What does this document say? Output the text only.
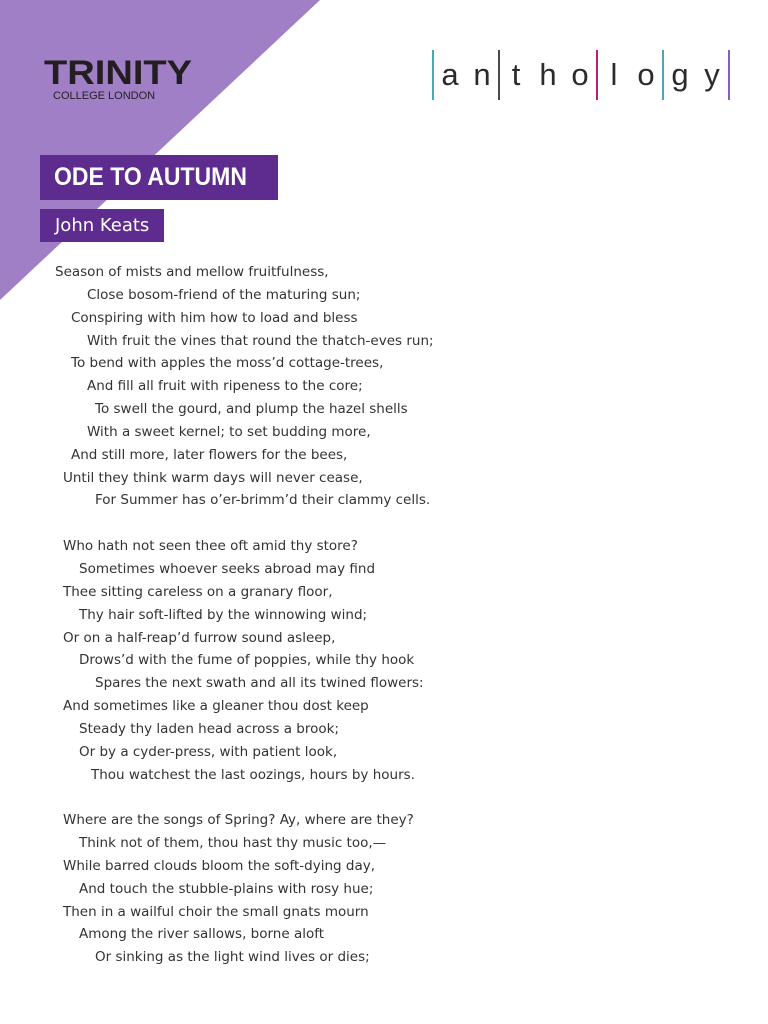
TRINITY
COLLEGE LONDON
a n t h o l o g y
ODE TO AUTUMN
John Keats
Season of mists and mellow fruitfulness,
Close bosom-friend of the maturing sun;
Conspiring with him how to load and bless
With fruit the vines that round the thatch-eves run;
To bend with apples the moss’d cottage-trees,
And fill all fruit with ripeness to the core;
To swell the gourd, and plump the hazel shells
With a sweet kernel; to set budding more,
And still more, later flowers for the bees,
Until they think warm days will never cease,
For Summer has o’er-brimm’d their clammy cells.
Who hath not seen thee oft amid thy store?
Sometimes whoever seeks abroad may find
Thee sitting careless on a granary floor,
Thy hair soft-lifted by the winnowing wind;
Or on a half-reap’d furrow sound asleep,
Drows’d with the fume of poppies, while thy hook
Spares the next swath and all its twined flowers:
And sometimes like a gleaner thou dost keep
Steady thy laden head across a brook;
Or by a cyder-press, with patient look,
Thou watchest the last oozings, hours by hours.
Where are the songs of Spring? Ay, where are they?
Think not of them, thou hast thy music too,—
While barred clouds bloom the soft-dying day,
And touch the stubble-plains with rosy hue;
Then in a wailful choir the small gnats mourn
Among the river sallows, borne aloft
Or sinking as the light wind lives or dies;
